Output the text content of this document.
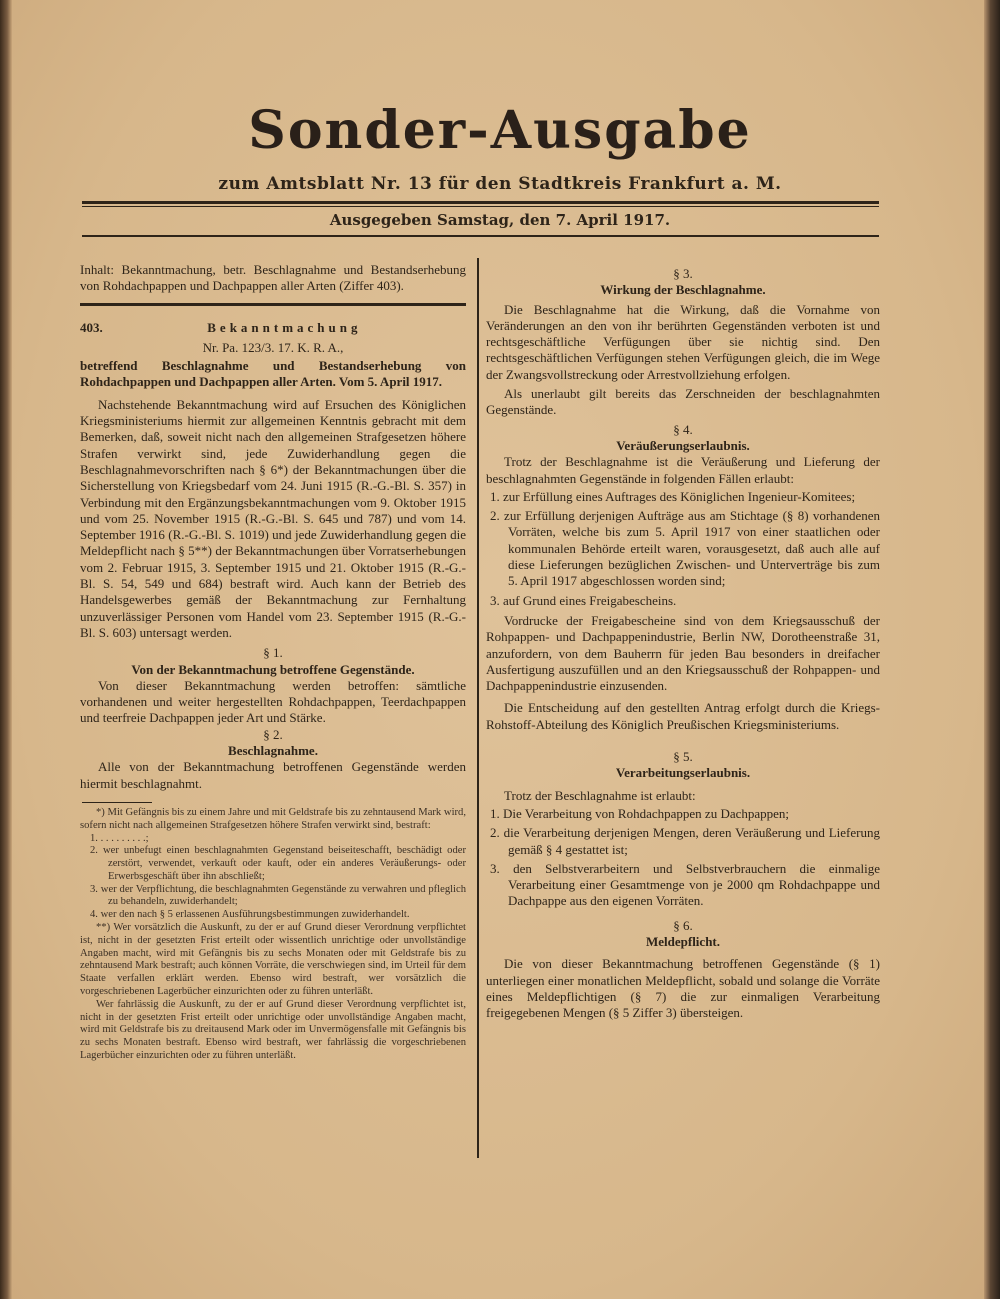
Sonder-Ausgabe
zum Amtsblatt Nr. 13 für den Stadtkreis Frankfurt a. M.
Ausgegeben Samstag, den 7. April 1917.

Inhalt: Bekanntmachung, betr. Beschlagnahme und Bestandserhebung von Rohdachpappen und Dachpappen aller Arten (Ziffer 403).

403.	Bekanntmachung
Nr. Pa. 123/3. 17. K. R. A.,

betreffend Beschlagnahme und Bestandserhebung von Rohdachpappen und Dachpappen aller Arten. Vom 5. April 1917.

Nachstehende Bekanntmachung wird auf Ersuchen des Königlichen Kriegsministeriums hiermit zur allgemeinen Kenntnis gebracht mit dem Bemerken, daß, soweit nicht nach den allgemeinen Strafgesetzen höhere Strafen verwirkt sind, jede Zuwiderhandlung gegen die Beschlagnahmevorschriften nach § 6*) der Bekanntmachungen über die Sicherstellung von Kriegsbedarf vom 24. Juni 1915 (R.-G.-Bl. S. 357) in Verbindung mit den Ergänzungsbekanntmachungen vom 9. Oktober 1915 und vom 25. November 1915 (R.-G.-Bl. S. 645 und 787) und vom 14. September 1916 (R.-G.-Bl. S. 1019) und jede Zuwiderhandlung gegen die Meldepflicht nach § 5**) der Bekanntmachungen über Vorratserhebungen vom 2. Februar 1915, 3. September 1915 und 21. Oktober 1915 (R.-G.-Bl. S. 54, 549 und 684) bestraft wird. Auch kann der Betrieb des Handelsgewerbes gemäß der Bekanntmachung zur Fernhaltung unzuverlässiger Personen vom Handel vom 23. September 1915 (R.-G.-Bl. S. 603) untersagt werden.

§ 1.
Von der Bekanntmachung betroffene Gegenstände.

Von dieser Bekanntmachung werden betroffen: sämtliche vorhandenen und weiter hergestellten Rohdachpappen, Teerdachpappen und teerfreie Dachpappen jeder Art und Stärke.

§ 2.
Beschlagnahme.

Alle von der Bekanntmachung betroffenen Gegenstände werden hiermit beschlagnahmt.

*) Mit Gefängnis bis zu einem Jahre und mit Geldstrafe bis zu zehntausend Mark wird, sofern nicht nach allgemeinen Strafgesetzen höhere Strafen verwirkt sind, bestraft:

1. . . . . . . . . .;
2. wer unbefugt einen beschlagnahmten Gegenstand beiseiteschafft, beschädigt oder zerstört, verwendet, verkauft oder kauft, oder ein anderes Veräußerungs- oder Erwerbsgeschäft über ihn abschließt;
3. wer der Verpflichtung, die beschlagnahmten Gegenstände zu verwahren und pfleglich zu behandeln, zuwiderhandelt;
4. wer den nach § 5 erlassenen Ausführungsbestimmungen zuwiderhandelt.

**) Wer vorsätzlich die Auskunft, zu der er auf Grund dieser Verordnung verpflichtet ist, nicht in der gesetzten Frist erteilt oder wissentlich unrichtige oder unvollständige Angaben macht, wird mit Gefängnis bis zu sechs Monaten oder mit Geldstrafe bis zu zehntausend Mark bestraft; auch können Vorräte, die verschwiegen sind, im Urteil für dem Staate verfallen erklärt werden. Ebenso wird bestraft, wer vorsätzlich die vorgeschriebenen Lagerbücher einzurichten oder zu führen unterläßt.

Wer fahrlässig die Auskunft, zu der er auf Grund dieser Verordnung verpflichtet ist, nicht in der gesetzten Frist erteilt oder unrichtige oder unvollständige Angaben macht, wird mit Geldstrafe bis zu dreitausend Mark oder im Unvermögensfalle mit Gefängnis bis zu sechs Monaten bestraft. Ebenso wird bestraft, wer fahrlässig die vorgeschriebenen Lagerbücher einzurichten oder zu führen unterläßt.

§ 3.
Wirkung der Beschlagnahme.

Die Beschlagnahme hat die Wirkung, daß die Vornahme von Veränderungen an den von ihr berührten Gegenständen verboten ist und rechtsgeschäftliche Verfügungen über sie nichtig sind. Den rechtsgeschäftlichen Verfügungen stehen Verfügungen gleich, die im Wege der Zwangsvollstreckung oder Arrestvollziehung erfolgen.

Als unerlaubt gilt bereits das Zerschneiden der beschlagnahmten Gegenstände.

§ 4.
Veräußerungserlaubnis.

Trotz der Beschlagnahme ist die Veräußerung und Lieferung der beschlagnahmten Gegenstände in folgenden Fällen erlaubt:

1. zur Erfüllung eines Auftrages des Königlichen Ingenieur-Komitees;
2. zur Erfüllung derjenigen Aufträge aus am Stichtage (§ 8) vorhandenen Vorräten, welche bis zum 5. April 1917 von einer staatlichen oder kommunalen Behörde erteilt waren, vorausgesetzt, daß auch alle auf diese Lieferungen bezüglichen Zwischen- und Unterverträge bis zum 5. April 1917 abgeschlossen worden sind;
3. auf Grund eines Freigabescheins.

Vordrucke der Freigabescheine sind von dem Kriegsausschuß der Rohpappen- und Dachpappenindustrie, Berlin NW, Dorotheenstraße 31, anzufordern, von dem Bauherrn für jeden Bau besonders in dreifacher Ausfertigung auszufüllen und an den Kriegsausschuß der Rohpappen- und Dachpappenindustrie einzusenden.

Die Entscheidung auf den gestellten Antrag erfolgt durch die Kriegs-Rohstoff-Abteilung des Königlich Preußischen Kriegsministeriums.

§ 5.
Verarbeitungserlaubnis.

Trotz der Beschlagnahme ist erlaubt:

1. Die Verarbeitung von Rohdachpappen zu Dachpappen;
2. die Verarbeitung derjenigen Mengen, deren Veräußerung und Lieferung gemäß § 4 gestattet ist;
3. den Selbstverarbeitern und Selbstverbrauchern die einmalige Verarbeitung einer Gesamtmenge von je 2000 qm Rohdachpappe und Dachpappe aus den eigenen Vorräten.
§ 6.
Meldepflicht.

Die von dieser Bekanntmachung betroffenen Gegenstände (§ 1) unterliegen einer monatlichen Meldepflicht, sobald und solange die Vorräte eines Meldepflichtigen (§ 7) die zur einmaligen Verarbeitung freigegebenen Mengen (§ 5 Ziffer 3) übersteigen.
